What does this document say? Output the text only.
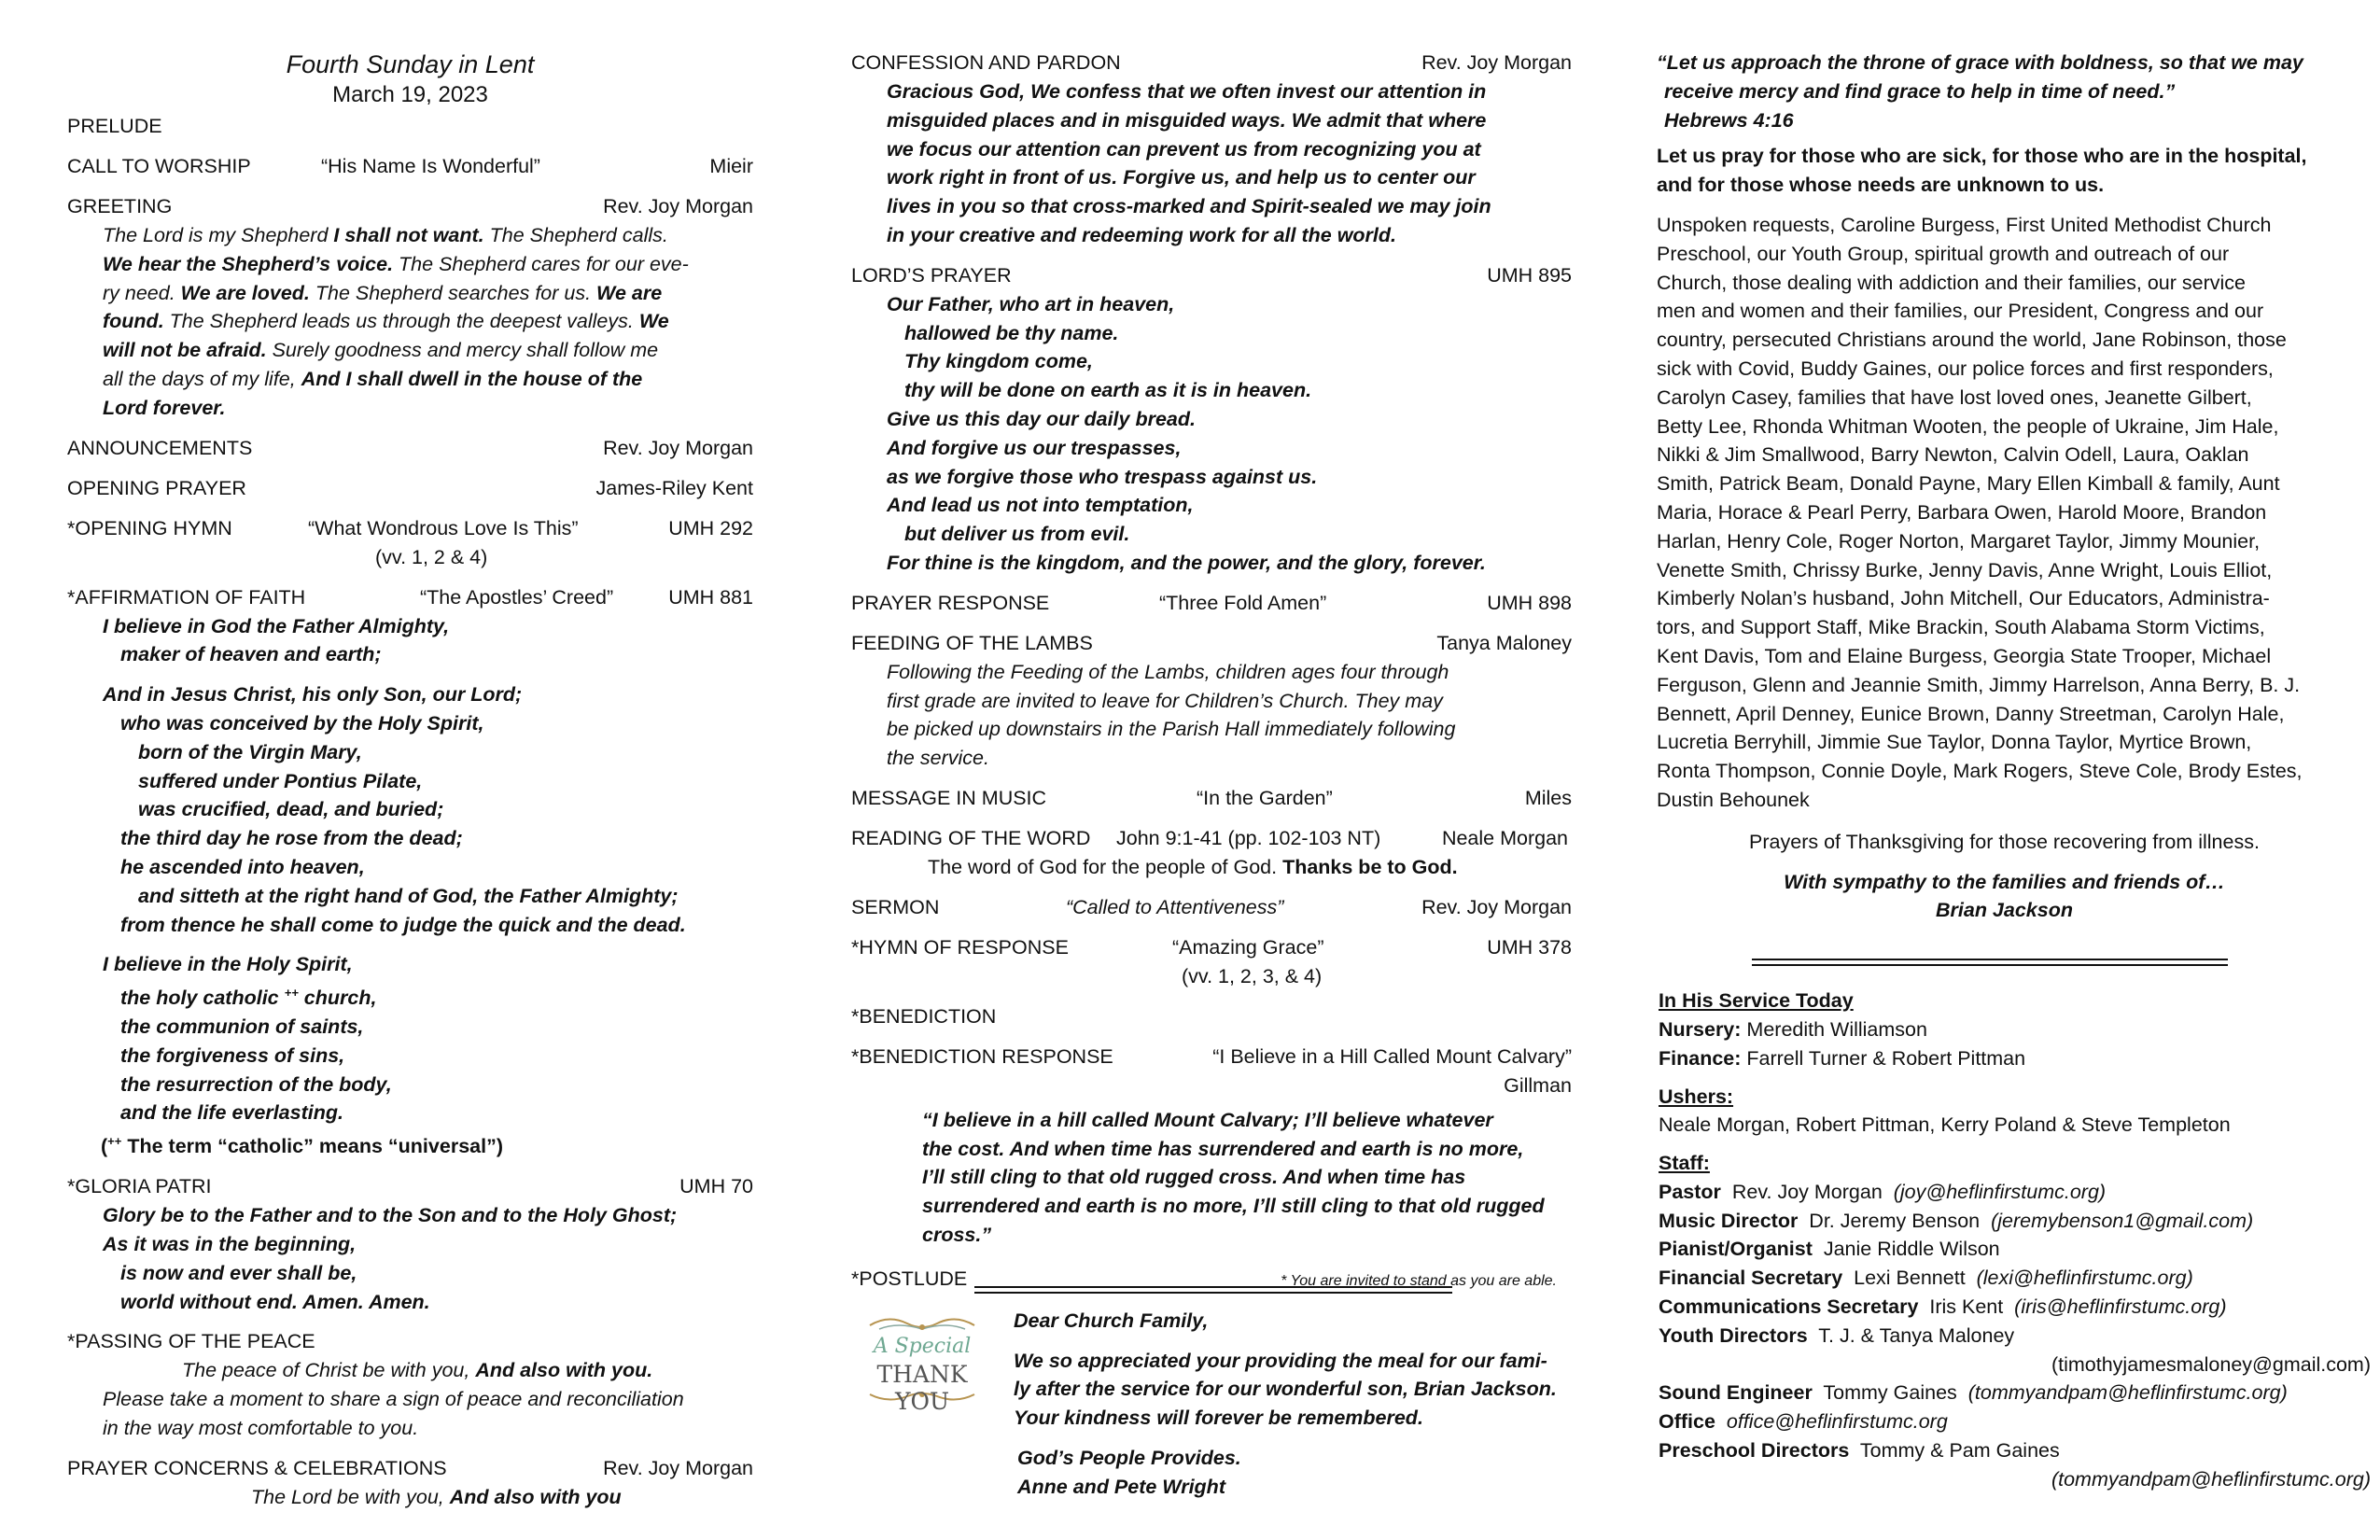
Fourth Sunday in Lent
March 19, 2023
PRELUDE
CALL TO WORSHIP	“His Name Is Wonderful”	Mieir
GREETING	Rev. Joy Morgan
The Lord is my Shepherd I shall not want. The Shepherd calls.
We hear the Shepherd’s voice. The Shepherd cares for our eve-
ry need. We are loved. The Shepherd searches for us. We are
found. The Shepherd leads us through the deepest valleys. We
will not be afraid. Surely goodness and mercy shall follow me
all the days of my life, And I shall dwell in the house of the
Lord forever.
ANNOUNCEMENTS	Rev. Joy Morgan
OPENING PRAYER	James-Riley Kent
*OPENING HYMN	“What Wondrous Love Is This”	UMH 292
(vv. 1, 2 & 4)
*AFFIRMATION OF FAITH	“The Apostles’ Creed”	UMH 881
I believe in God the Father Almighty,
maker of heaven and earth;
And in Jesus Christ, his only Son, our Lord;
who was conceived by the Holy Spirit,
born of the Virgin Mary,
suffered under Pontius Pilate,
was crucified, dead, and buried;
the third day he rose from the dead;
he ascended into heaven,
and sitteth at the right hand of God, the Father Almighty;
from thence he shall come to judge the quick and the dead.
I believe in the Holy Spirit,
the holy catholic ++ church,
the communion of saints,
the forgiveness of sins,
the resurrection of the body,
and the life everlasting.
(++ The term “catholic” means “universal”)
*GLORIA PATRI	UMH 70
Glory be to the Father and to the Son and to the Holy Ghost;
As it was in the beginning,
is now and ever shall be,
world without end. Amen. Amen.
*PASSING OF THE PEACE
The peace of Christ be with you, And also with you.
Please take a moment to share a sign of peace and reconciliation
in the way most comfortable to you.
PRAYER CONCERNS & CELEBRATIONS	Rev. Joy Morgan
The Lord be with you, And also with you
CONFESSION AND PARDON	Rev. Joy Morgan
Gracious God, We confess that we often invest our attention in
misguided places and in misguided ways. We admit that where
we focus our attention can prevent us from recognizing you at
work right in front of us. Forgive us, and help us to center our
lives in you so that cross-marked and Spirit-sealed we may join
in your creative and redeeming work for all the world.
LORD’S PRAYER	UMH 895
Our Father, who art in heaven,
hallowed be thy name.
Thy kingdom come,
thy will be done on earth as it is in heaven.
Give us this day our daily bread.
And forgive us our trespasses,
as we forgive those who trespass against us.
And lead us not into temptation,
but deliver us from evil.
For thine is the kingdom, and the power, and the glory, forever.
PRAYER RESPONSE	“Three Fold Amen”	UMH 898
FEEDING OF THE LAMBS	Tanya Maloney
Following the Feeding of the Lambs, children ages four through
first grade are invited to leave for Children’s Church. They may
be picked up downstairs in the Parish Hall immediately following
the service.
MESSAGE IN MUSIC	“In the Garden”	Miles
READING OF THE WORD John 9:1-41 (pp. 102-103 NT)	Neale Morgan
The word of God for the people of God. Thanks be to God.
SERMON	“Called to Attentiveness”	Rev. Joy Morgan
*HYMN OF RESPONSE	“Amazing Grace”	UMH 378
(vv. 1, 2, 3, & 4)
*BENEDICTION
*BENEDICTION RESPONSE	“I Believe in a Hill Called Mount Calvary”
Gillman
“I believe in a hill called Mount Calvary; I’ll believe whatever
the cost. And when time has surrendered and earth is no more,
I’ll still cling to that old rugged cross. And when time has
surrendered and earth is no more, I’ll still cling to that old rugged
cross.”
*POSTLUDE	* You are invited to stand as you are able.
A Special
THANK YOU
Dear Church Family,
We so appreciated your providing the meal for our fami-
ly after the service for our wonderful son, Brian Jackson.
Your kindness will forever be remembered.
God’s People Provides.
Anne and Pete Wright
“Let us approach the throne of grace with boldness, so that we may
receive mercy and find grace to help in time of need.”
Hebrews 4:16
Let us pray for those who are sick, for those who are in the hospital,
and for those whose needs are unknown to us.
Unspoken requests, Caroline Burgess, First United Methodist Church
Preschool, our Youth Group, spiritual growth and outreach of our
Church, those dealing with addiction and their families, our service
men and women and their families, our President, Congress and our
country, persecuted Christians around the world, Jane Robinson, those
sick with Covid, Buddy Gaines, our police forces and first responders,
Carolyn Casey, families that have lost loved ones, Jeanette Gilbert,
Betty Lee, Rhonda Whitman Wooten, the people of Ukraine, Jim Hale,
Nikki & Jim Smallwood, Barry Newton, Calvin Odell, Laura, Oaklan
Smith, Patrick Beam, Donald Payne, Mary Ellen Kimball & family, Aunt
Maria, Horace & Pearl Perry, Barbara Owen, Harold Moore, Brandon
Harlan, Henry Cole, Roger Norton, Margaret Taylor, Jimmy Mounier,
Venette Smith, Chrissy Burke, Jenny Davis, Anne Wright, Louis Elliot,
Kimberly Nolan’s husband, John Mitchell, Our Educators, Administra-
tors, and Support Staff, Mike Brackin, South Alabama Storm Victims,
Kent Davis, Tom and Elaine Burgess, Georgia State Trooper, Michael
Ferguson, Glenn and Jeannie Smith, Jimmy Harrelson, Anna Berry, B. J.
Bennett, April Denney, Eunice Brown, Danny Streetman, Carolyn Hale,
Lucretia Berryhill, Jimmie Sue Taylor, Donna Taylor, Myrtice Brown,
Ronta Thompson, Connie Doyle, Mark Rogers, Steve Cole, Brody Estes,
Dustin Behounek
Prayers of Thanksgiving for those recovering from illness.
With sympathy to the families and friends of…
Brian Jackson
In His Service Today
Nursery: Meredith Williamson
Finance: Farrell Turner & Robert Pittman
Ushers:
Neale Morgan, Robert Pittman, Kerry Poland & Steve Templeton
Staff:
Pastor  Rev. Joy Morgan  (joy@heflinfirstumc.org)
Music Director  Dr. Jeremy Benson  (jeremybenson1@gmail.com)
Pianist/Organist  Janie Riddle Wilson
Financial Secretary  Lexi Bennett  (lexi@heflinfirstumc.org)
Communications Secretary  Iris Kent  (iris@heflinfirstumc.org)
Youth Directors  T. J. & Tanya Maloney
(timothyjamesmaloney@gmail.com)
Sound Engineer  Tommy Gaines  (tommyandpam@heflinfirstumc.org)
Office office@heflinfirstumc.org
Preschool Directors  Tommy & Pam Gaines
(tommyandpam@heflinfirstumc.org)
